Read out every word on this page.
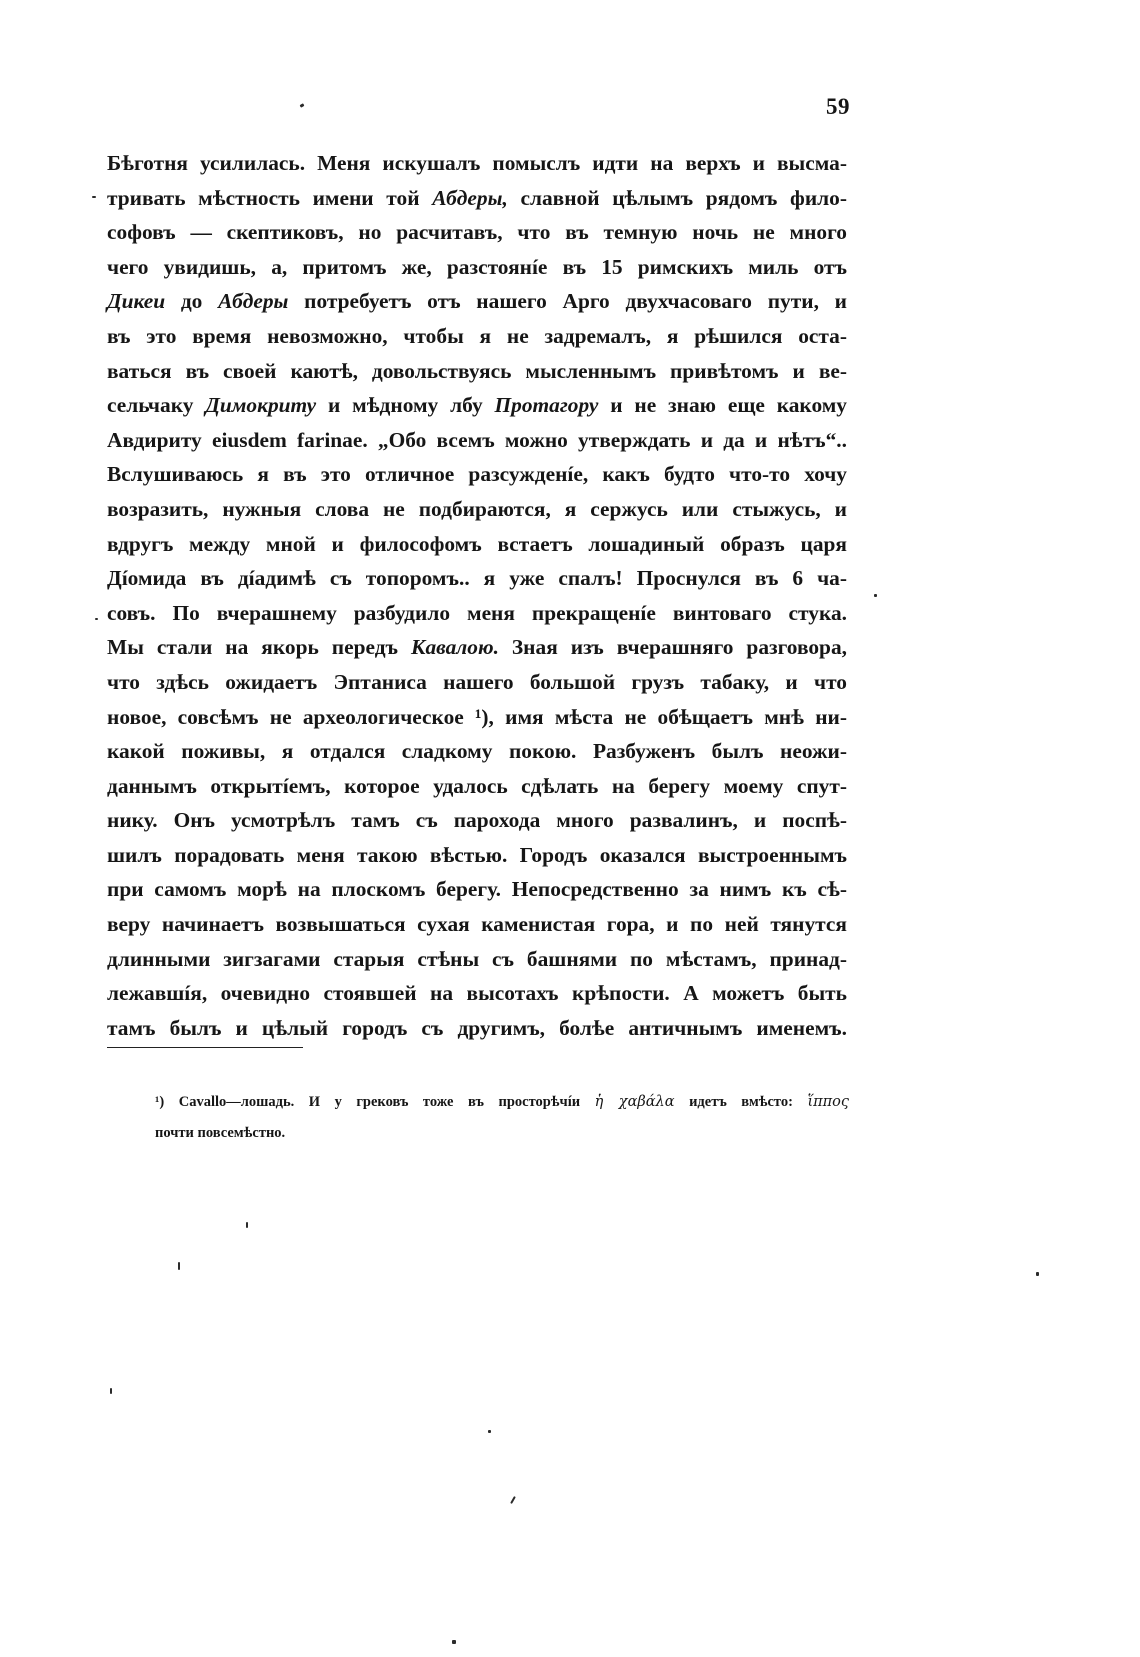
59
Бѣготня усилилась. Меня искушалъ помыслъ идти на верхъ и высма-
тривать мѣстность имени той Абдеры, славной цѣлымъ рядомъ фило-
софовъ — скептиковъ, но расчитавъ, что въ темную ночь не много
чего увидишь, а, притомъ же, разстоянíе въ 15 римскихъ миль отъ
Дикеи до Абдеры потребуетъ отъ нашего Арго двухчасоваго пути, и
въ это время невозможно, чтобы я не задремалъ, я рѣшился оста-
ваться въ своей каютѣ, довольствуясь мысленнымъ привѣтомъ и ве-
сельчаку Димокриту и мѣдному лбу Протагору и не знаю еще какому
Авдириту eiusdem farinae. „Обо всемъ можно утверждать и да и нѣтъ“..
Вслушиваюсь я въ это отличное разсужденíе, какъ будто что-то хочу
возразить, нужныя слова не подбираются, я сержусь или стыжусь, и
вдругъ между мной и философомъ встаетъ лошадиный образъ царя
Дíомида въ дíадимѣ съ топоромъ.. я уже спалъ! Проснулся въ 6 ча-
совъ. По вчерашнему разбудило меня прекращенíе винтоваго стука.
Мы стали на якорь передъ Кавалою. Зная изъ вчерашняго разговора,
что здѣсь ожидаетъ Эптаниса нашего большой грузъ табаку, и что
новое, совсѣмъ не археологическое ¹), имя мѣста не обѣщаетъ мнѣ ни-
какой поживы, я отдался сладкому покою. Разбуженъ былъ неожи-
даннымъ открытíемъ, которое удалось сдѣлать на берегу моему спут-
нику. Онъ усмотрѣлъ тамъ съ парохода много развалинъ, и поспѣ-
шилъ порадовать меня такою вѣстью. Городъ оказался выстроеннымъ
при самомъ морѣ на плоскомъ берегу. Непосредственно за нимъ къ сѣ-
веру начинаетъ возвышаться сухая каменистая гора, и по ней тянутся
длинными зигзагами старыя стѣны съ башнями по мѣстамъ, принад-
лежавшíя, очевидно стоявшей на высотахъ крѣпости. А можетъ быть
тамъ былъ и цѣлый городъ съ другимъ, болѣе античнымъ именемъ.
¹) Cavallo—лошадь. И у грековъ тоже въ просторѣчíи ἡ χαβάλα идетъ вмѣсто: ἵππος
почти повсемѣстно.
